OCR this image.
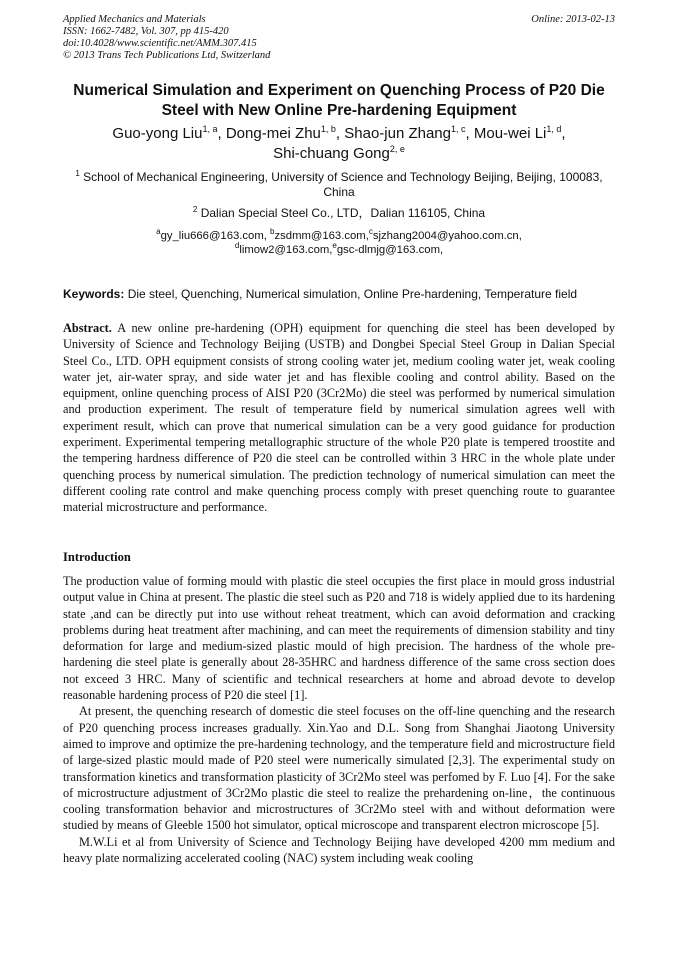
Applied Mechanics and Materials
ISSN: 1662-7482, Vol. 307, pp 415-420
doi:10.4028/www.scientific.net/AMM.307.415
© 2013 Trans Tech Publications Ltd, Switzerland
Online: 2013-02-13
Numerical Simulation and Experiment on Quenching Process of P20 Die
Steel with New Online Pre-hardening Equipment
Guo-yong Liu$^{1, a}$, Dong-mei Zhu$^{1, b}$, Shao-jun Zhang$^{1, c}$, Mou-wei Li$^{1, d}$,
Shi-chuang Gong$^{2, e}$
$^1$ School of Mechanical Engineering, University of Science and Technology Beijing, Beijing, 100083,
China
$^2$ Dalian Special Steel Co., LTD，Dalian 116105, China
$^a$gy_liu666@163.com, $^b$zsdmm@163.com,$^c$sjzhang2004@yahoo.com.cn,
$^d$limow2@163.com,$^e$gsc-dlmjg@163.com,
Keywords: Die steel, Quenching, Numerical simulation, Online Pre-hardening, Temperature field

Abstract. A new online pre-hardening (OPH) equipment for quenching die steel has been developed by University of Science and Technology Beijing (USTB) and Dongbei Special Steel Group in Dalian Special Steel Co., LTD. OPH equipment consists of strong cooling water jet, medium cooling water jet, weak cooling water jet, air-water spray, and side water jet and has flexible cooling and control ability. Based on the equipment, online quenching process of AISI P20 (3Cr2Mo) die steel was performed by numerical simulation and production experiment. The result of temperature field by numerical simulation agrees well with experiment result, which can prove that numerical simulation can be a very good guidance for production experiment. Experimental tempering metallographic structure of the whole P20 plate is tempered troostite and the tempering hardness difference of P20 die steel can be controlled within 3 HRC in the whole plate under quenching process by numerical simulation. The prediction technology of numerical simulation can meet the different cooling rate control and make quenching process comply with preset quenching route to guarantee material microstructure and performance.

Introduction

The production value of forming mould with plastic die steel occupies the first place in mould gross industrial output value in China at present. The plastic die steel such as P20 and 718 is widely applied due to its hardening state ,and can be directly put into use without reheat treatment, which can avoid deformation and cracking problems during heat treatment after machining, and can meet the requirements of dimension stability and tiny deformation for large and medium-sized plastic mould of high precision. The hardness of the whole pre-hardening die steel plate is generally about 28-35HRC and hardness difference of the same cross section does not exceed 3 HRC. Many of scientific and technical researchers at home and abroad devote to develop reasonable hardening process of P20 die steel [1].

At present, the quenching research of domestic die steel focuses on the off-line quenching and the research of P20 quenching process increases gradually. Xin.Yao and D.L. Song from Shanghai Jiaotong University aimed to improve and optimize the pre-hardening technology, and the temperature field and microstructure field of large-sized plastic mould made of P20 steel were numerically simulated [2,3]. The experimental study on transformation kinetics and transformation plasticity of 3Cr2Mo steel was perfomed by F. Luo [4]. For the sake of microstructure adjustment of 3Cr2Mo plastic die steel to realize the prehardening on-line，the continuous cooling transformation behavior and microstructures of 3Cr2Mo steel with and without deformation were studied by means of Gleeble 1500 hot simulator, optical microscope and transparent electron microscope [5].

M.W.Li et al from University of Science and Technology Beijing have developed 4200 mm medium and heavy plate normalizing accelerated cooling (NAC) system including weak cooling
